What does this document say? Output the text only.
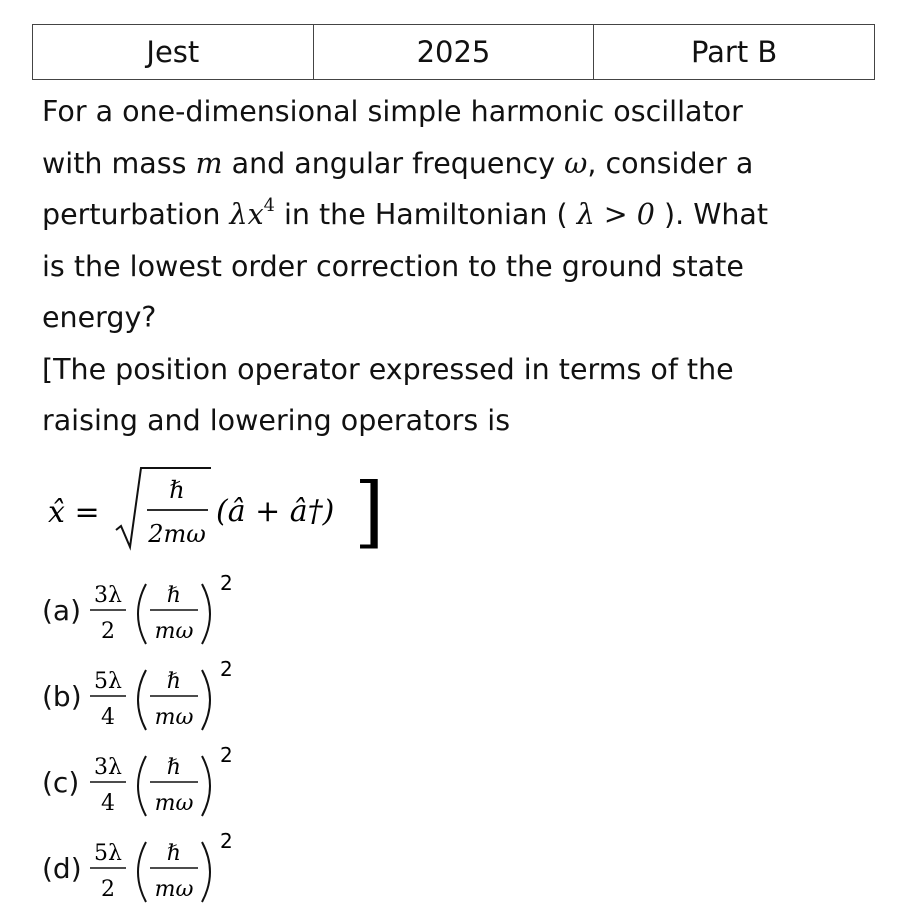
Jest	2025	Part B
For a one-dimensional simple harmonic oscillator
with mass m and angular frequency ω, consider a
perturbation $\lambda x^4$ in the Hamiltonian ( λ > 0 ). What
is the lowest order correction to the ground state
energy?
[The position operator expressed in terms of the
raising and lowering operators is
x̂ =
ℏ
2mω
(â + â†) ]
(a) 3λ
2
ℏ
mω
2
(b) 5λ
4
ℏ
mω
2
(c) 3λ
4
ℏ
mω
2
(d) 5λ
2
ℏ
mω
2
